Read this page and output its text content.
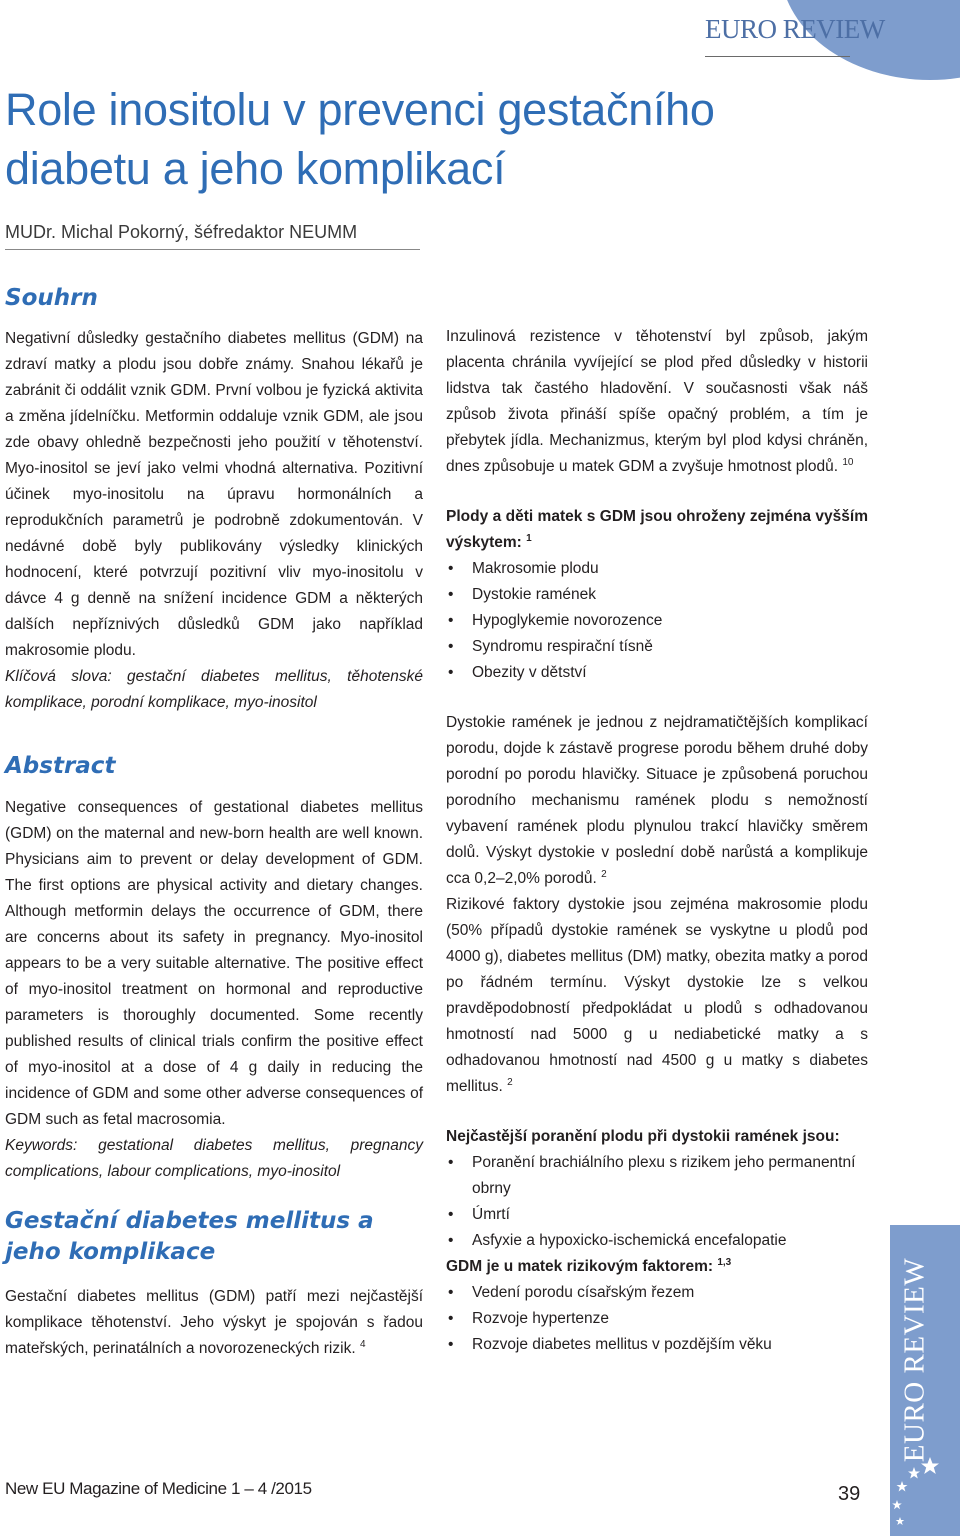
EURO REVIEW
EURO REVIEW
Role inositolu v prevenci gestačního
diabetu a jeho komplikací
MUDr. Michal Pokorný, šéfredaktor NEUMM
Souhrn
Negativní důsledky gestačního diabetes mellitus (GDM) na zdraví matky a plodu jsou dobře známy. Snahou lékařů je zabránit či oddálit vznik GDM. První volbou je fyzická aktivita a změna jídelníčku. Metformin oddaluje vznik GDM, ale jsou zde obavy ohledně bezpečnosti jeho použití v těhotenství. Myo-inositol se jeví jako velmi vhodná alternativa. Pozitivní účinek myo-inositolu na úpravu hormonálních a reprodukčních parametrů je podrobně zdokumentován. V nedávné době byly publikovány výsledky klinických hodnocení, které potvrzují pozitivní vliv myo-inositolu v dávce 4 g denně na snížení incidence GDM a některých dalších nepříznivých důsledků GDM jako například makrosomie plodu.
Klíčová slova: gestační diabetes mellitus, těhotenské komplikace, porodní komplikace, myo-inositol
Abstract
Negative consequences of gestational diabetes mellitus (GDM) on the maternal and new-born health are well known. Physicians aim to prevent or delay development of GDM. The first options are physical activity and dietary changes. Although metformin delays the occurrence of GDM, there are concerns about its safety in pregnancy. Myo-inositol appears to be a very suitable alternative. The positive effect of myo-inositol treatment on hormonal and reproductive parameters is thoroughly documented. Some recently published results of clinical trials confirm the positive effect of myo-inositol at a dose of 4 g daily in reducing the incidence of GDM and some other adverse consequences of GDM such as fetal macrosomia.
Keywords: gestational diabetes mellitus, pregnancy complications, labour complications, myo-inositol
Gestační diabetes mellitus a jeho komplikace
Gestační diabetes mellitus (GDM) patří mezi nejčastější komplikace těhotenství. Jeho výskyt je spojován s řadou mateřských, perinatálních a novorozeneckých rizik. $^4$
Inzulinová rezistence v těhotenství byl způsob, jakým placenta chránila vyvíjející se plod před důsledky v historii lidstva tak častého hladovění. V současnosti však náš způsob života přináší spíše opačný problém, a tím je přebytek jídla. Mechanizmus, kterým byl plod kdysi chráněn, dnes způsobuje u matek GDM a zvyšuje hmotnost plodů. $^{10}$
Plody a děti matek s GDM jsou ohroženy zejména vyšším výskytem: $^1$
• Makrosomie plodu
• Dystokie ramének
• Hypoglykemie novorozence
• Syndromu respirační tísně
• Obezity v dětství
Dystokie ramének je jednou z nejdramatičtějších komplikací porodu, dojde k zástavě progrese porodu během druhé doby porodní po porodu hlavičky. Situace je způsobená poruchou porodního mechanismu ramének plodu s nemožností vybavení ramének plodu plynulou trakcí hlavičky směrem dolů. Výskyt dystokie v poslední době narůstá a komplikuje cca 0,2–2,0% porodů. $^2$
Rizikové faktory dystokie jsou zejména makrosomie plodu (50% případů dystokie ramének se vyskytne u plodů pod 4000 g), diabetes mellitus (DM) matky, obezita matky a porod po řádném termínu. Výskyt dystokie lze s velkou pravděpodobností předpokládat u plodů s odhadovanou hmotností nad 5000 g u nediabetické matky a s odhadovanou hmotností nad 4500 g u matky s diabetes mellitus. $^2$
Nejčastější poranění plodu při dystokii ramének jsou:
• Poranění brachiálního plexu s rizikem jeho permanentní obrny
• Úmrtí
• Asfyxie a hypoxicko-ischemická encefalopatie
GDM je u matek rizikovým faktorem: $^{1,3}$
• Vedení porodu císařským řezem
• Rozvoje hypertenze
• Rozvoje diabetes mellitus v pozdějším věku
New EU Magazine of Medicine 1 – 4 /2015	39
